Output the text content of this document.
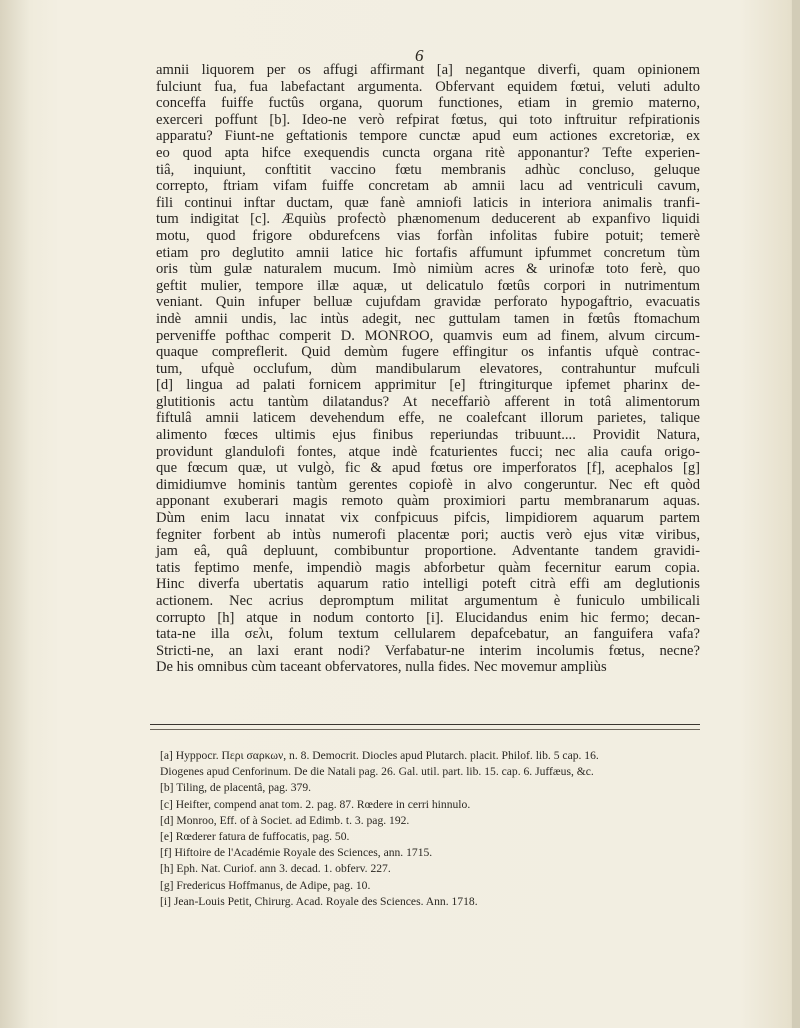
6
amnii liquorem per os affugi affirmant [a] negantque diverfi, quam opinionem
fulciunt fua, fua labefactant argumenta. Obfervant equidem fœtui, veluti adulto
conceffa fuiffe fuctûs organa, quorum functiones, etiam in gremio materno,
exerceri poffunt [b]. Ideo-ne verò refpirat fœtus, qui toto inftruitur refpirationis
apparatu? Fiunt-ne geftationis tempore cunctæ apud eum actiones excretoriæ, ex
eo quod apta hifce exequendis cuncta organa ritè apponantur? Tefte experien-
tiâ, inquiunt, conftitit vaccino fœtu membranis adhùc concluso, geluque
correpto, ftriam vifam fuiffe concretam ab amnii lacu ad ventriculi cavum,
fili continui inftar ductam, quæ fanè amniofi laticis in interiora animalis tranfi-
tum indigitat [c]. Æquiùs profectò phænomenum deducerent ab expanfivo liquidi
motu, quod frigore obdurefcens vias forfàn infolitas fubire potuit; temerè
etiam pro deglutito amnii latice hic fortafis affumunt ipfummet concretum tùm
oris tùm gulæ naturalem mucum. Imò nimiùm acres & urinofæ toto ferè, quo
geftit mulier, tempore illæ aquæ, ut delicatulo fœtûs corpori in nutrimentum
veniant. Quin infuper belluæ cujufdam gravidæ perforato hypogaftrio, evacuatis
indè amnii undis, lac intùs adegit, nec guttulam tamen in fœtûs ftomachum
perveniffe pofthac comperit D. MONROO, quamvis eum ad finem, alvum circum-
quaque compreflerit. Quid demùm fugere effingitur os infantis ufquè contrac-
tum, ufquè occlufum, dùm mandibularum elevatores, contrahuntur mufculi
[d] lingua ad palati fornicem apprimitur [e] ftringiturque ipfemet pharinx de-
glutitionis actu tantùm dilatandus? At neceffariò afferent in totâ alimentorum
fiftulâ amnii laticem devehendum effe, ne coalefcant illorum parietes, talique
alimento fœces ultimis ejus finibus reperiundas tribuunt.... Providit Natura,
providunt glandulofi fontes, atque indè fcaturientes fucci; nec alia caufa origo-
que fœcum quæ, ut vulgò, fic & apud fœtus ore imperforatos [f], acephalos [g]
dimidiumve hominis tantùm gerentes copiofè in alvo congeruntur. Nec eft quòd
apponant exuberari magis remoto quàm proximiori partu membranarum aquas.
Dùm enim lacu innatat vix confpicuus pifcis, limpidiorem aquarum partem
fegniter forbent ab intùs numerofi placentæ pori; auctis verò ejus vitæ viribus,
jam eâ, quâ depluunt, combibuntur proportione. Adventante tandem gravidi-
tatis feptimo menfe, impendiò magis abforbetur quàm fecernitur earum copia.
Hinc diverfa ubertatis aquarum ratio intelligi poteft citrà effi am deglutionis
actionem. Nec acrius depromptum militat argumentum è funiculo umbilicali
corrupto [h] atque in nodum contorto [i]. Elucidandus enim hic fermo; decan-
tata-ne illa σελι, folum textum cellularem depafcebatur, an fanguifera vafa?
Stricti-ne, an laxi erant nodi? Verfabatur-ne interim incolumis fœtus, necne?
De his omnibus cùm taceant obfervatores, nulla fides. Nec movemur ampliùs
[a] Hyppocr. Περι σαρκων, n. 8. Democrit. Diocles apud Plutarch. placit. Philof. lib. 5 cap. 16.
Diogenes apud Cenforinum. De die Natali pag. 26. Gal. util. part. lib. 15. cap. 6. Juffæus, &c.
[b] Tiling, de placentâ, pag. 379.
[c] Heifter, compend anat tom. 2. pag. 87. Rœdere in cerri hinnulo.
[d] Monroo, Eff. of à Societ. ad Edimb. t. 3. pag. 192.
[e] Rœderer fatura de fuffocatis, pag. 50.
[f] Hiftoire de l'Académie Royale des Sciences, ann. 1715.
[h] Eph. Nat. Curiof. ann 3. decad. 1. obferv. 227.
[g] Fredericus Hoffmanus, de Adipe, pag. 10.
[i] Jean-Louis Petit, Chirurg. Acad. Royale des Sciences. Ann. 1718.
